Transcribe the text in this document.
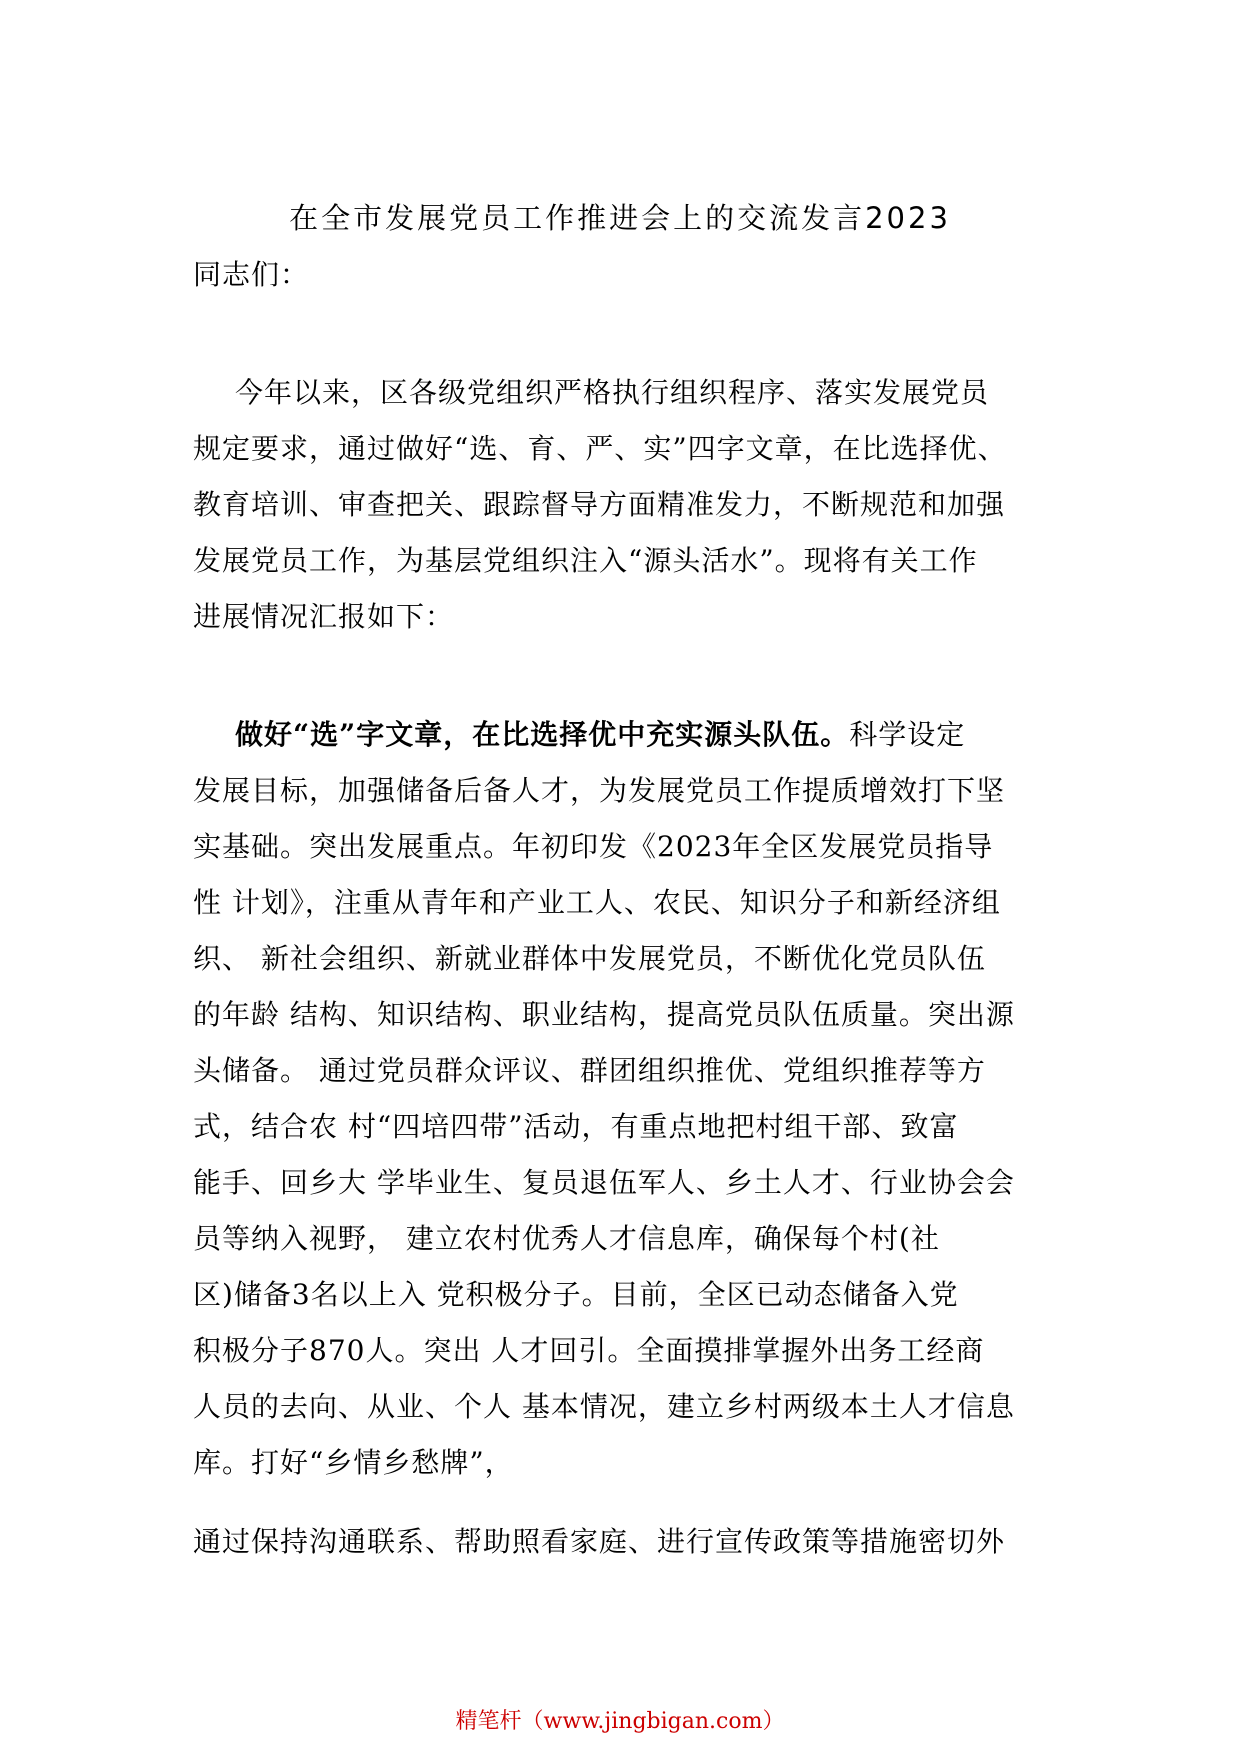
在全市发展党员工作推进会上的交流发言2023
同志们：
今年以来，区各级党组织严格执行组织程序、落实发展党员
规定要求，通过做好“选、育、严、实”四字文章，在比选择优、
教育培训、审查把关、跟踪督导方面精准发力，不断规范和加强
发展党员工作，为基层党组织注入“源头活水”。现将有关工作
进展情况汇报如下：
做好“选”字文章，在比选择优中充实源头队伍。科学设定
发展目标，加强储备后备人才，为发展党员工作提质增效打下坚
实基础。突出发展重点。年初印发《2023年全区发展党员指导
性 计划》，注重从青年和产业工人、农民、知识分子和新经济组
织、 新社会组织、新就业群体中发展党员，不断优化党员队伍
的年龄 结构、知识结构、职业结构，提高党员队伍质量。突出源
头储备。 通过党员群众评议、群团组织推优、党组织推荐等方
式，结合农 村“四培四带”活动，有重点地把村组干部、致富
能手、回乡大 学毕业生、复员退伍军人、乡土人才、行业协会会
员等纳入视野， 建立农村优秀人才信息库，确保每个村(社
区)储备3名以上入 党积极分子。目前，全区已动态储备入党
积极分子870人。突出 人才回引。全面摸排掌握外出务工经商
人员的去向、从业、个人 基本情况，建立乡村两级本土人才信息
库。打好“乡情乡愁牌”，
通过保持沟通联系、帮助照看家庭、进行宣传政策等措施密切外
精笔杆（www.jingbigan.com）
